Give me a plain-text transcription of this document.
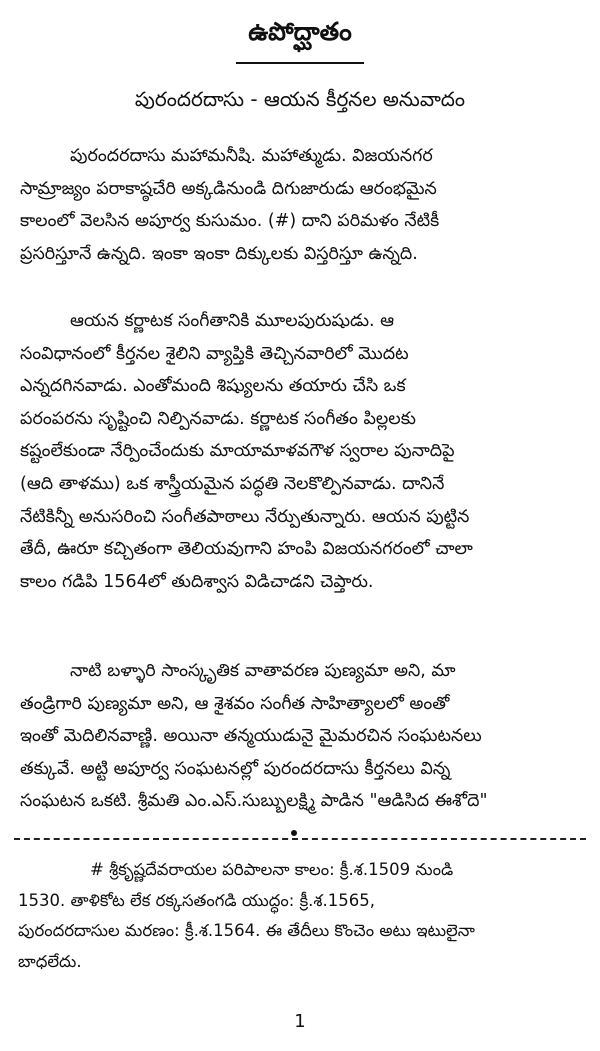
ఉపోద్ఘాతం
పురందరదాసు - ఆయన కీర్తనల అనువాదం
పురందరదాసు మహామనీషి. మహాత్ముడు. విజయనగర
సామ్రాజ్యం పరాకాష్ఠచేరి అక్కడినుండి దిగుజారుడు ఆరంభమైన
కాలంలో వెలసిన అపూర్వ కుసుమం. (#) దాని పరిమళం నేటికీ
ప్రసరిస్తూనే ఉన్నది. ఇంకా ఇంకా దిక్కులకు విస్తరిస్తూ ఉన్నది.
ఆయన కర్ణాటక సంగీతానికి మూలపురుషుడు. ఆ
సంవిధానంలో కీర్తనల శైలిని వ్యాప్తికి తెచ్చినవారిలో మొదట
ఎన్నదగినవాడు. ఎంతోమంది శిష్యులను తయారు చేసి ఒక
పరంపరను సృష్టించి నిల్పినవాడు. కర్ణాటక సంగీతం పిల్లలకు
కష్టంలేకుండా నేర్పించేందుకు మాయామాళవగౌళ స్వరాల పునాదిపై
(ఆది తాళము) ఒక శాస్త్రీయమైన పద్ధతి నెలకొల్పినవాడు. దానినే
నేటికిన్నీ అనుసరించి సంగీతపాఠాలు నేర్పుతున్నారు. ఆయన పుట్టిన
తేదీ, ఊరూ కచ్చితంగా తెలియవుగాని హంపి విజయనగరంలో చాలా
కాలం గడిపి 1564లో తుదిశ్వాస విడిచాడని చెప్తారు.
నాటి బళ్ళారి సాంస్కృతిక వాతావరణ పుణ్యమా అని, మా
తండ్రిగారి పుణ్యమా అని, ఆ శైశవం సంగీత సాహిత్యాలలో అంతో
ఇంతో మెదిలినవాణ్ణి. అయినా తన్మయుడునై మైమరచిన సంఘటనలు
తక్కువే. అట్టి అపూర్వ సంఘటనల్లో పురందరదాసు కీర్తనలు విన్న
సంఘటన ఒకటి. శ్రీమతి ఎం.ఎస్.సుబ్బులక్ష్మి పాడిన "ఆడిసిద ఈశోదె"
# శ్రీకృష్ణదేవరాయల పరిపాలనా కాలం: క్రీ.శ.1509 నుండి
1530. తాళికోట లేక రక్కసతంగడి యుద్ధం: క్రీ.శ.1565,
పురందరదాసుల మరణం: క్రీ.శ.1564. ఈ తేదీలు కొంచెం అటు ఇటులైనా
బాధలేదు.
1
